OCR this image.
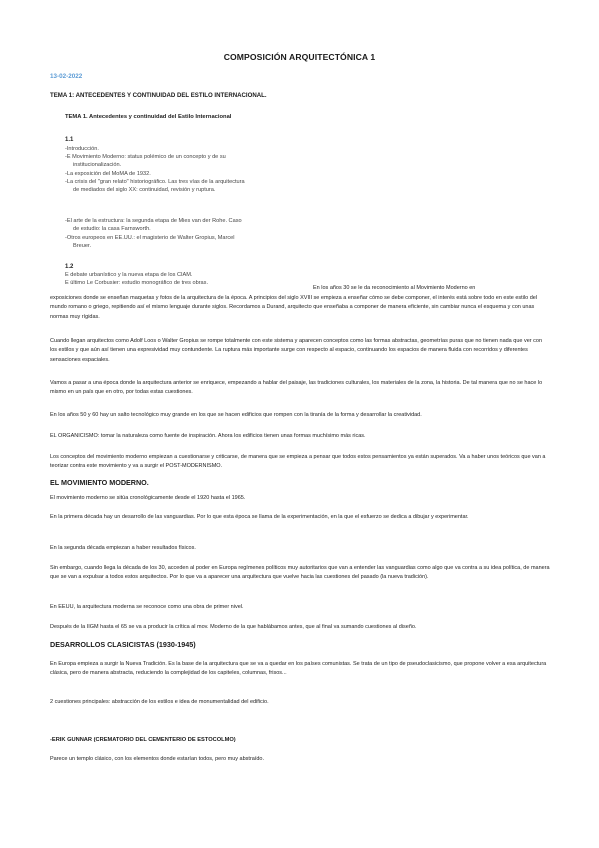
COMPOSICIÓN ARQUITECTÓNICA 1
13-02-2022
TEMA 1: ANTECEDENTES Y CONTINUIDAD DEL ESTILO INTERNACIONAL.
TEMA 1. Antecedentes y continuidad del Estilo Internacional
1.1
-Introducción.
-E Movimiento Moderno: status polémico de un concepto y de su
institucionalización.
-La exposición del MoMA de 1932.
-La crisis del "gran relato" historiográfico. Las tres vías de la arquitectura
de mediados del siglo XX: continuidad, revisión y ruptura.
-El arte de la estructura: la segunda etapa de Mies van der Rohe. Caso
de estudio: la casa Farnsworth.
-Otros europeos en EE.UU.: el magisterio de Walter Gropius, Marcel
Breuer.
1.2
E debate urbanístico y la nueva etapa de los CIAM.
E último Le Corbusier: estudio monográfico de tres obras.
En los años 30 se le da reconocimiento al Movimiento Moderno en
exposiciones donde se enseñan maquetas y fotos de la arquitectura de la época. A principios del siglo XVIII se empieza a enseñar cómo se debe componer, el interés está sobre todo en este estilo del mundo romano o griego, repitiendo así el mismo lenguaje durante siglos. Recordamos a Durand, arquitecto que enseñaba a componer de manera eficiente, sin cambiar nunca el esquema y con unas normas muy rígidas.
Cuando llegan arquitectos como Adolf Loos o Walter Gropius se rompe totalmente con este sistema y aparecen conceptos como las formas abstractas, geometrías puras que no tienen nada que ver con los estilos y que aún así tienen una expresividad muy contundente. La ruptura más importante surge con respecto al espacio, continuando los espacios de manera fluida con recorridos y diferentes sensaciones espaciales.
Vamos a pasar a una época donde la arquitectura anterior se enriquece, empezando a hablar del paisaje, las tradiciones culturales, los materiales de la zona, la historia. De tal manera que no se hace lo mismo en un país que en otro, por todas estas cuestiones.
En los años 50 y 60 hay un salto tecnológico muy grande en los que se hacen edificios que rompen con la tiranía de la forma y desarrollar la creatividad.
EL ORGANICISMO: tomar la naturaleza como fuente de inspiración. Ahora los edificios tienen unas formas muchísimo más ricas.
Los conceptos del movimiento moderno empiezan a cuestionarse y criticarse, de manera que se empieza a pensar que todos estos pensamientos ya están superados. Va a haber unos teóricos que van a teorizar contra este movimiento y va a surgir el POST-MODERNISMO.
EL MOVIMIENTO MODERNO.
El movimiento moderno se sitúa cronológicamente desde el 1920 hasta el 1965.
En la primera década hay un desarrollo de las vanguardias. Por lo que esta época se llama de la experimentación, en la que el esfuerzo se dedica a dibujar y experimentar.
En la segunda década empiezan a haber resultados físicos.
Sin embargo, cuando llega la década de los 30, acceden al poder en Europa regímenes políticos muy autoritarios que van a entender las vanguardias como algo que va contra a su idea política, de manera que se van a expulsar a todos estos arquitectos. Por lo que va a aparecer una arquitectura que vuelve hacia las cuestiones del pasado (la nueva tradición).
En EEUU, la arquitectura moderna se reconoce como una obra de primer nivel.
Después de la IIGM hasta el 65 se va a producir la crítica al mov. Moderno de la que hablábamos antes, que al final va sumando cuestiones al diseño.
DESARROLLOS CLASICISTAS (1930-1945)
En Europa empieza a surgir la Nueva Tradición. Es la base de la arquitectura que se va a quedar en los países comunistas. Se trata de un tipo de pseudoclasicismo, que propone volver a esa arquitectura clásica, pero de manera abstracta, reduciendo la complejidad de los capiteles, columnas, frisos...
2 cuestiones principales: abstracción de los estilos e idea de monumentalidad del edificio.
-ERIK GUNNAR (CREMATORIO DEL CEMENTERIO DE ESTOCOLMO)
Parece un templo clásico, con los elementos donde estarían todos, pero muy abstraído.
